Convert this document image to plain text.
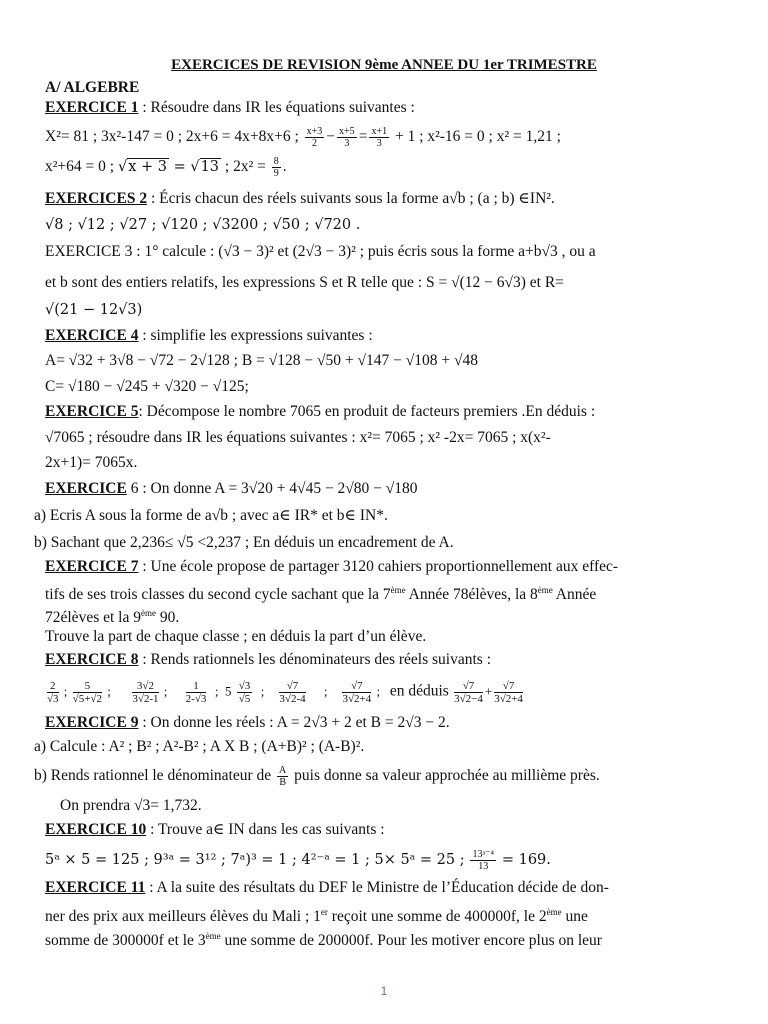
EXERCICES DE REVISION 9ème ANNEE DU 1er TRIMESTRE
A/ ALGEBRE
EXERCICE 1 : Résoudre dans IR les équations suivantes :
X²= 81 ; 3x²-147 = 0 ; 2x+6 = 4x+8x+6 ; $\frac{x+3}{2} - \frac{x+5}{3} = \frac{x+1}{3} + 1$ ; x²-16 = 0 ; x² = 1,21 ;
x²+64 = 0 ; √x + 3 = √13 ; $2x^2 = \frac{8}{9}$ .
EXERCICES 2 : Écris chacun des réels suivants sous la forme a√b ; (a ; b) ∈IN².
√8 ; √12 ; √27 ; √120 ; √3200 ; √50 ; √720 .
EXERCICE 3 : 1° calcule : (√3 − 3)² et (2√3 − 3)² ; puis écris sous la forme a+b√3 , ou a
et b sont des entiers relatifs, les expressions S et R telle que : S = √(12 − 6√3) et R=
√(21 − 12√3)
EXERCICE 4 : simplifie les expressions suivantes :
A= √32 + 3√8 − √72 − 2√128 ; B = √128 − √50 + √147 − √108 + √48
C= √180 − √245 + √320 − √125;
EXERCICE 5: Décompose le nombre 7065 en produit de facteurs premiers .En déduis :
√7065 ; résoudre dans IR les équations suivantes : x²= 7065 ; x² -2x= 7065 ; x(x²-
2x+1)= 7065x.
EXERCICE 6 : On donne A = 3√20 + 4√45 − 2√80 − √180
a) Ecris A sous la forme de a√b ; avec a∈ IR* et b∈ IN*.
b) Sachant que 2,236≤ √5 <2,237 ; En déduis un encadrement de A.
EXERCICE 7 : Une école propose de partager 3120 cahiers proportionnellement aux effec-
tifs de ses trois classes du second cycle sachant que la 7ème Année 78élèves, la 8ème Année
72élèves et la 9ème 90.
Trouve la part de chaque classe ; en déduis la part d’un élève.
EXERCICE 8 : Rends rationnels les dénominateurs des réels suivants :
$\frac{2}{√3}$ ; $\frac{5}{√5+√2}$ ; $\frac{3√2}{3√2-1}$ ; $\frac{1}{2-√3}$ ;  $5 \frac{√3}{√5}$ ; $\frac{√7}{3√2-4}$ ; $\frac{√7}{3√2+4}$ ;   en déduis $\frac{√7}{3√2-4} + \frac{√7}{3√2+4}$
EXERCICE 9 : On donne les réels : A = 2√3 + 2 et B = 2√3 − 2.
a) Calcule : A² ; B² ; A²-B² ; A X B ; (A+B)² ; (A-B)².
b) Rends rationnel le dénominateur de $\frac{A}{B}$ puis donne sa valeur approchée au millième près.
On prendra √3= 1,732.
EXERCICE 10 : Trouve a∈ IN dans les cas suivants :
5ᵃ × 5 = 125 ; 9³ᵃ = 3¹² ; 7ᵃ)³ = 1 ; 4²⁻ᵃ = 1 ; 5× 5ᵃ = 25 ; $\frac{\text{13ᵃ⁻⁴}}{13} = 169$.
EXERCICE 11 : A la suite des résultats du DEF le Ministre de l’Éducation décide de don-
ner des prix aux meilleurs élèves du Mali ; 1er reçoit une somme de 400000f, le 2ème une
somme de 300000f et le 3ème une somme de 200000f. Pour les motiver encore plus on leur
1
